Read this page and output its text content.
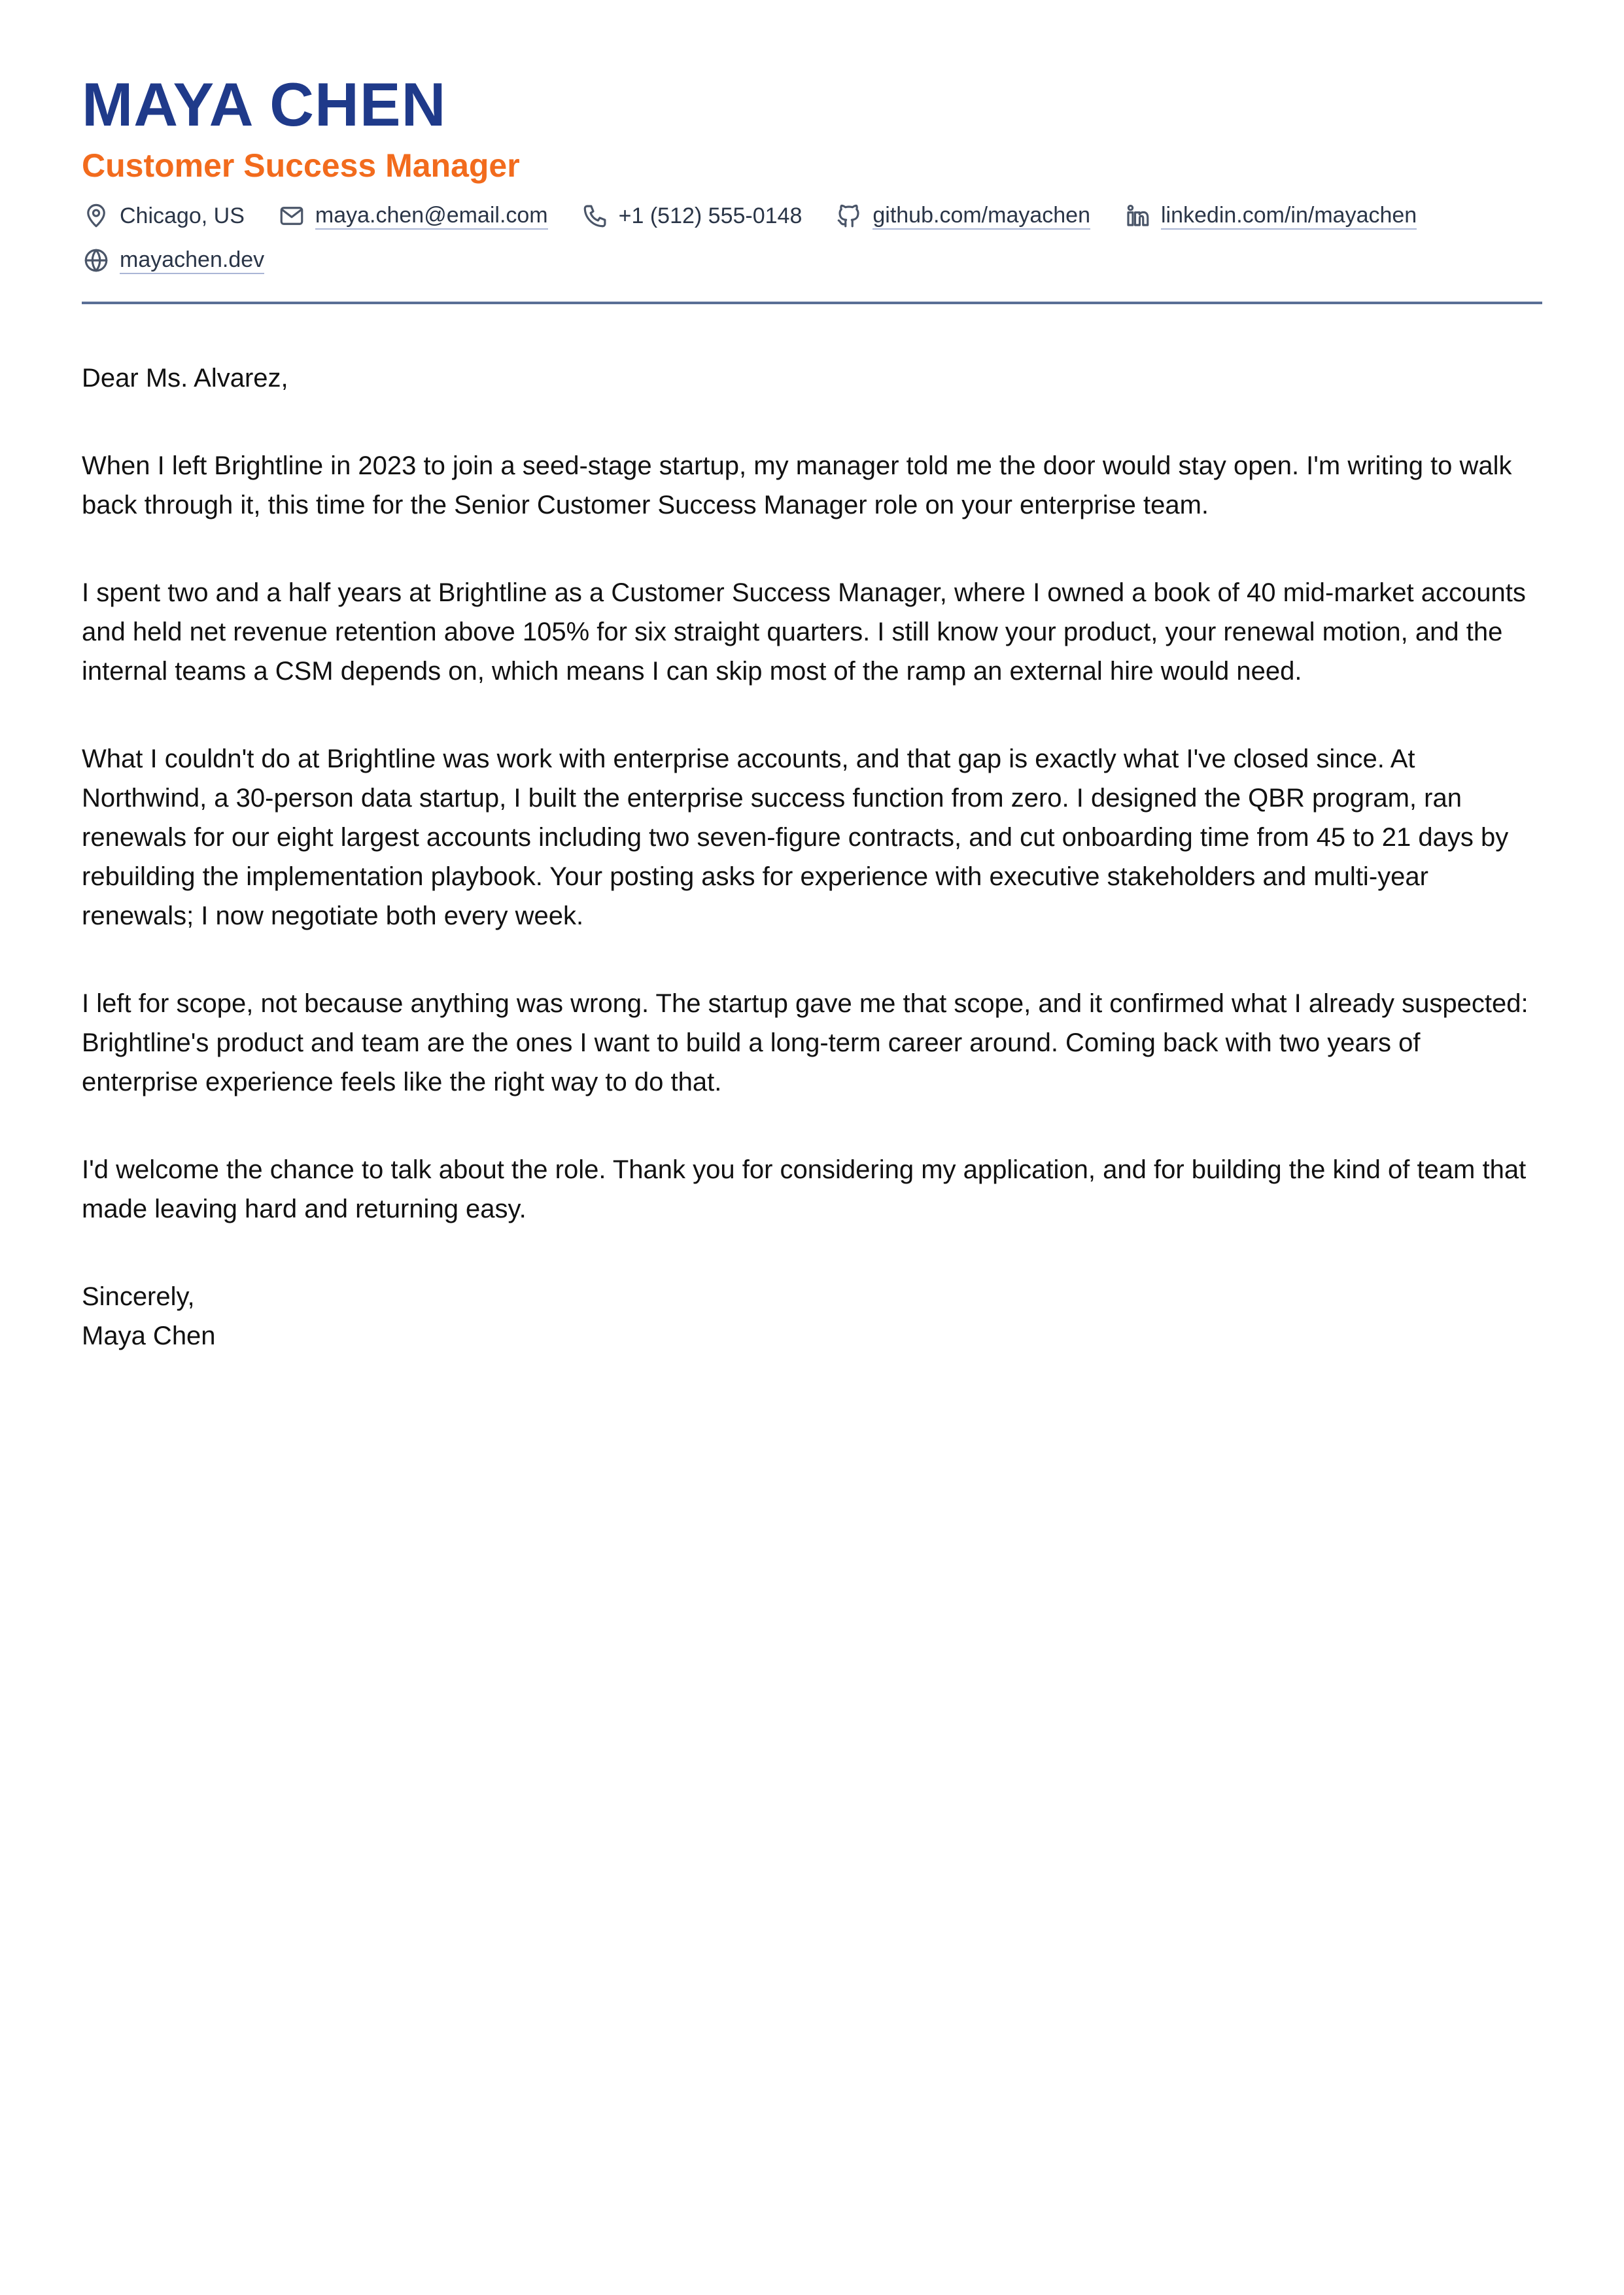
MAYA CHEN
Customer Success Manager
Chicago, US	maya.chen@email.com	+1 (512) 555-0148	github.com/mayachen	linkedin.com/in/mayachen
mayachen.dev

Dear Ms. Alvarez,

When I left Brightline in 2023 to join a seed-stage startup, my manager told me the door would stay open. I'm writing to walk back through it, this time for the Senior Customer Success Manager role on your enterprise team.

I spent two and a half years at Brightline as a Customer Success Manager, where I owned a book of 40 mid-market accounts and held net revenue retention above 105% for six straight quarters. I still know your product, your renewal motion, and the internal teams a CSM depends on, which means I can skip most of the ramp an external hire would need.

What I couldn't do at Brightline was work with enterprise accounts, and that gap is exactly what I've closed since. At Northwind, a 30-person data startup, I built the enterprise success function from zero. I designed the QBR program, ran renewals for our eight largest accounts including two seven-figure contracts, and cut onboarding time from 45 to 21 days by rebuilding the implementation playbook. Your posting asks for experience with executive stakeholders and multi-year renewals; I now negotiate both every week.

I left for scope, not because anything was wrong. The startup gave me that scope, and it confirmed what I already suspected: Brightline's product and team are the ones I want to build a long-term career around. Coming back with two years of enterprise experience feels like the right way to do that.

I'd welcome the chance to talk about the role. Thank you for considering my application, and for building the kind of team that made leaving hard and returning easy.

Sincerely,

Maya Chen
